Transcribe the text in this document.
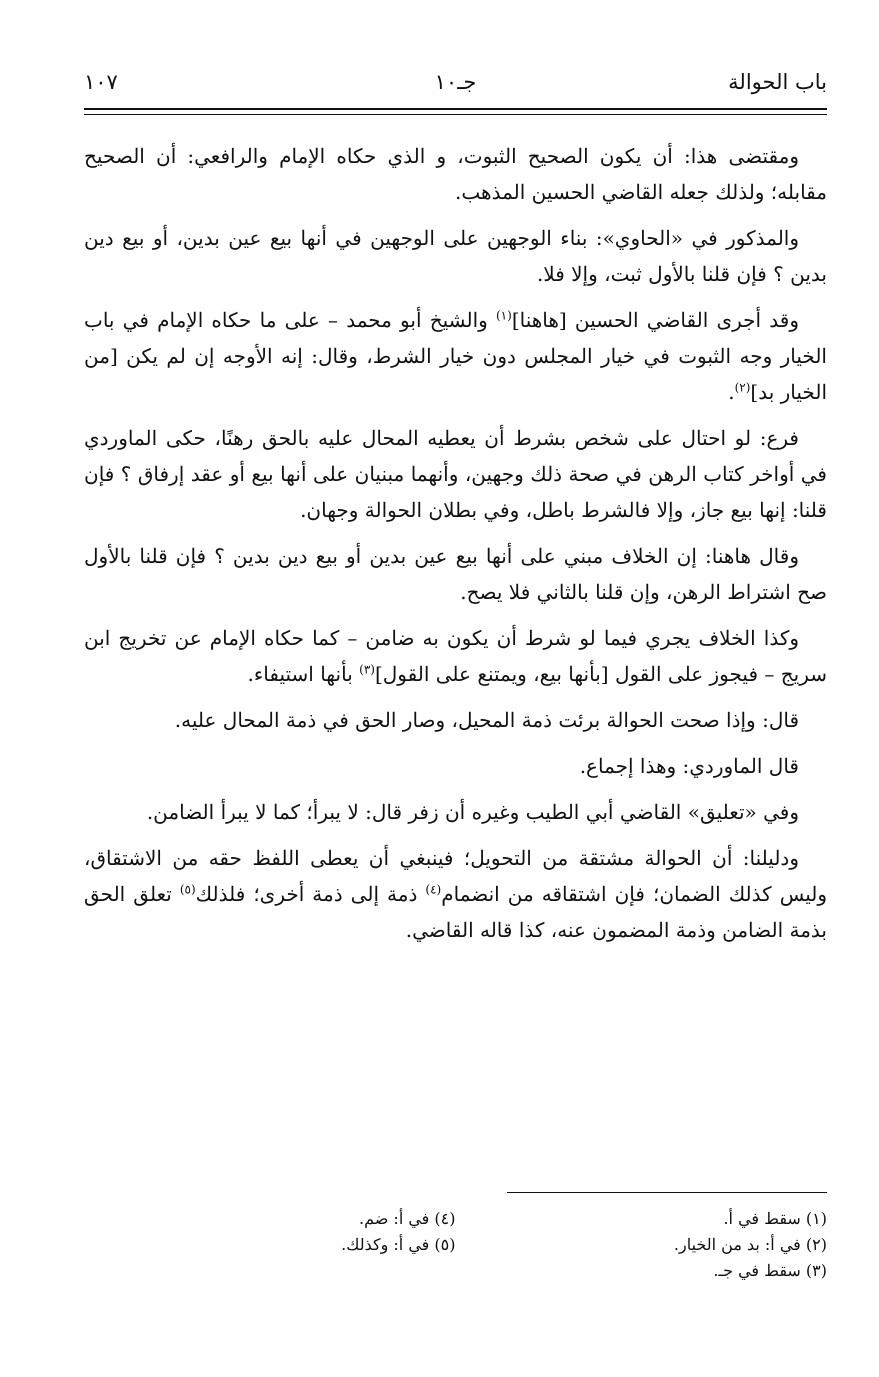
باب الحوالة
جـ١٠
١٠٧

ومقتضى هذا: أن يكون الصحيح الثبوت، و الذي حكاه الإمام والرافعي: أن الصحيح مقابله؛ ولذلك جعله القاضي الحسين المذهب.

والمذكور في «الحاوي»: بناء الوجهين على الوجهين في أنها بيع عين بدين، أو بيع دين بدين ؟ فإن قلنا بالأول ثبت، وإلا فلا.

وقد أجرى القاضي الحسين [هاهنا]$^{(١)}$ والشيخ أبو محمد – على ما حكاه الإمام في باب الخيار وجه الثبوت في خيار المجلس دون خيار الشرط، وقال: إنه الأوجه إن لم يكن [من الخيار بد]$^{(٢)}$.

فرع: لو احتال على شخص بشرط أن يعطيه المحال عليه بالحق رهنًا، حكى الماوردي في أواخر كتاب الرهن في صحة ذلك وجهين، وأنهما مبنيان على أنها بيع أو عقد إرفاق ؟ فإن قلنا: إنها بيع جاز، وإلا فالشرط باطل، وفي بطلان الحوالة وجهان.

وقال هاهنا: إن الخلاف مبني على أنها بيع عين بدين أو بيع دين بدين ؟ فإن قلنا بالأول صح اشتراط الرهن، وإن قلنا بالثاني فلا يصح.

وكذا الخلاف يجري فيما لو شرط أن يكون به ضامن – كما حكاه الإمام عن تخريج ابن سريج – فيجوز على القول [بأنها بيع، ويمتنع على القول]$^{(٣)}$ بأنها استيفاء.

قال: وإذا صحت الحوالة برئت ذمة المحيل، وصار الحق في ذمة المحال عليه.

قال الماوردي: وهذا إجماع.

وفي «تعليق» القاضي أبي الطيب وغيره أن زفر قال: لا يبرأ؛ كما لا يبرأ الضامن.

ودليلنا: أن الحوالة مشتقة من التحويل؛ فينبغي أن يعطى اللفظ حقه من الاشتقاق، وليس كذلك الضمان؛ فإن اشتقاقه من انضمام$^{(٤)}$ ذمة إلى ذمة أخرى؛ فلذلك$^{(٥)}$ تعلق الحق بذمة الضامن وذمة المضمون عنه، كذا قاله القاضي.

(١) سقط في أ.
(٢) في أ: بد من الخيار.
(٣) سقط في جـ.
(٤) في أ: ضم.
(٥) في أ: وكذلك.
